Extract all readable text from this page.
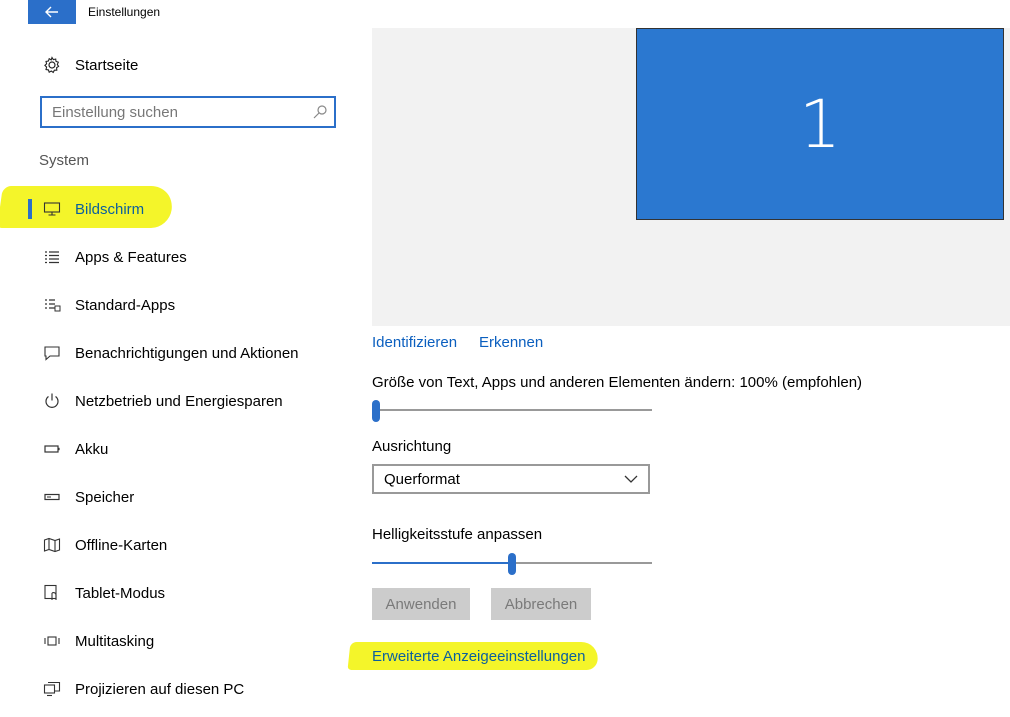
Einstellungen
Startseite
Einstellung suchen
System
Bildschirm
Apps & Features
Standard-Apps
Benachrichtigungen und Aktionen
Netzbetrieb und Energiesparen
Akku
Speicher
Offline-Karten
Tablet-Modus
Multitasking
Projizieren auf diesen PC
1
Identifizieren Erkennen
Größe von Text, Apps und anderen Elementen ändern: 100% (empfohlen)
Ausrichtung
Querformat
Helligkeitsstufe anpassen
Anwenden	Abbrechen
Erweiterte Anzeigeeinstellungen
